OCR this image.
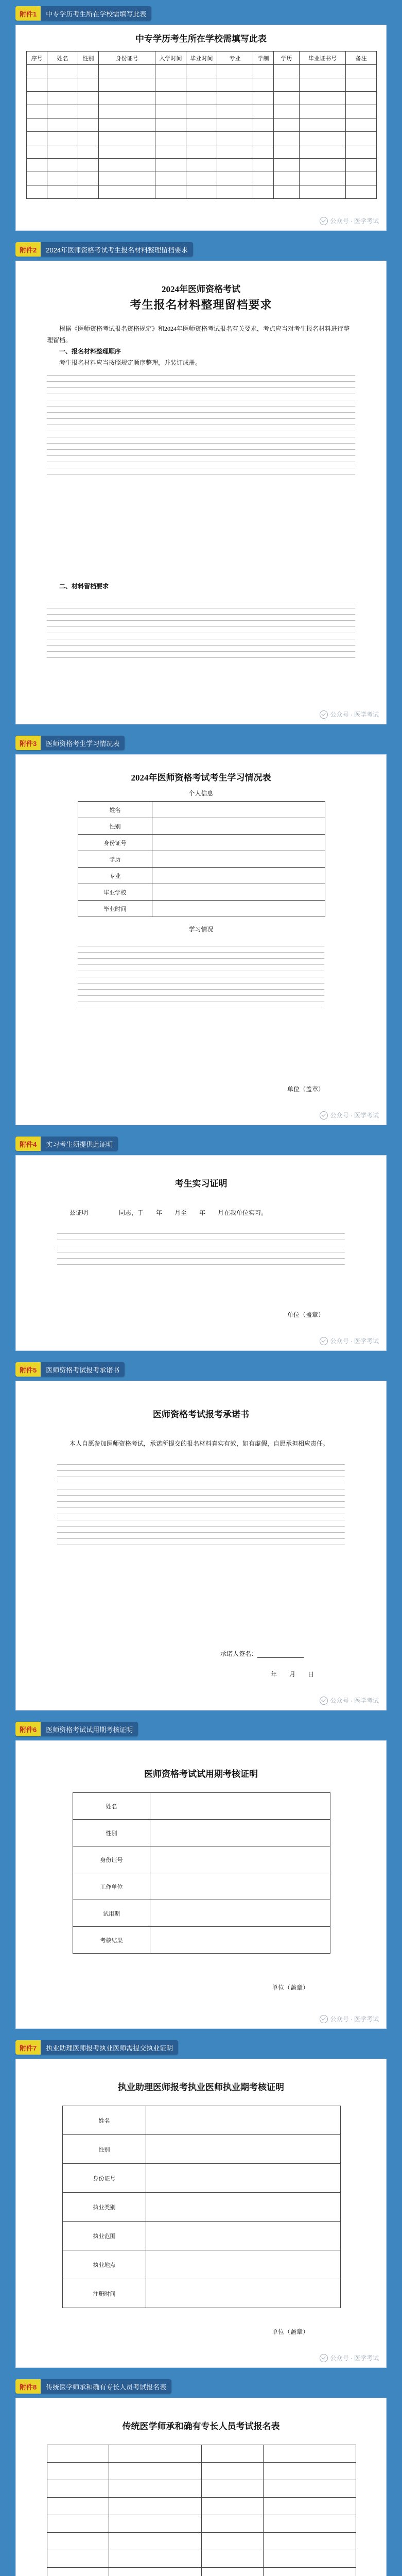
附件1	中专学历考生所在学校需填写此表
中专学历考生所在学校需填写此表
序号	姓名	性别	身份证号	入学时间	毕业时间	专业	学制	学历	毕业证书号	备注
公众号 · 医学考试
附件2	2024年医师资格考试考生报名材料整理留档要求
2024年医师资格考试
考生报名材料整理留档要求

根据《医师资格考试报名资格规定》和2024年医师资格考试报名有关要求，考点应当对考生报名材料进行整理留档。

一、报名材料整理顺序

考生报名材料应当按照规定顺序整理，并装订成册。

二、材料留档要求

公众号 · 医学考试
附件3	医师资格考生学习情况表
2024年医师资格考试考生学习情况表
个人信息
姓名
性别
身份证号
学历
专业
毕业学校
毕业时间
学习情况
单位（盖章）
公众号 · 医学考试
附件4	实习考生须提供此证明
考生实习证明

兹证明　　　　　同志，于　　年　　月至　　年　　月在我单位实习。

单位（盖章）
公众号 · 医学考试
附件5	医师资格考试报考承诺书
医师资格考试报考承诺书

本人自愿参加医师资格考试，承诺所提交的报名材料真实有效，如有虚假，自愿承担相应责任。

承诺人签名：
年　　月　　日
公众号 · 医学考试
附件6	医师资格考试试用期考核证明
医师资格考试试用期考核证明
姓名
性别
身份证号
工作单位
试用期
考核结果
单位（盖章）
公众号 · 医学考试
附件7	执业助理医师报考执业医师需提交执业证明
执业助理医师报考执业医师执业期考核证明
姓名
性别
身份证号
执业类别
执业范围
执业地点
注册时间
单位（盖章）
公众号 · 医学考试
附件8	传统医学师承和确有专长人员考试报名表
传统医学师承和确有专长人员考试报名表
